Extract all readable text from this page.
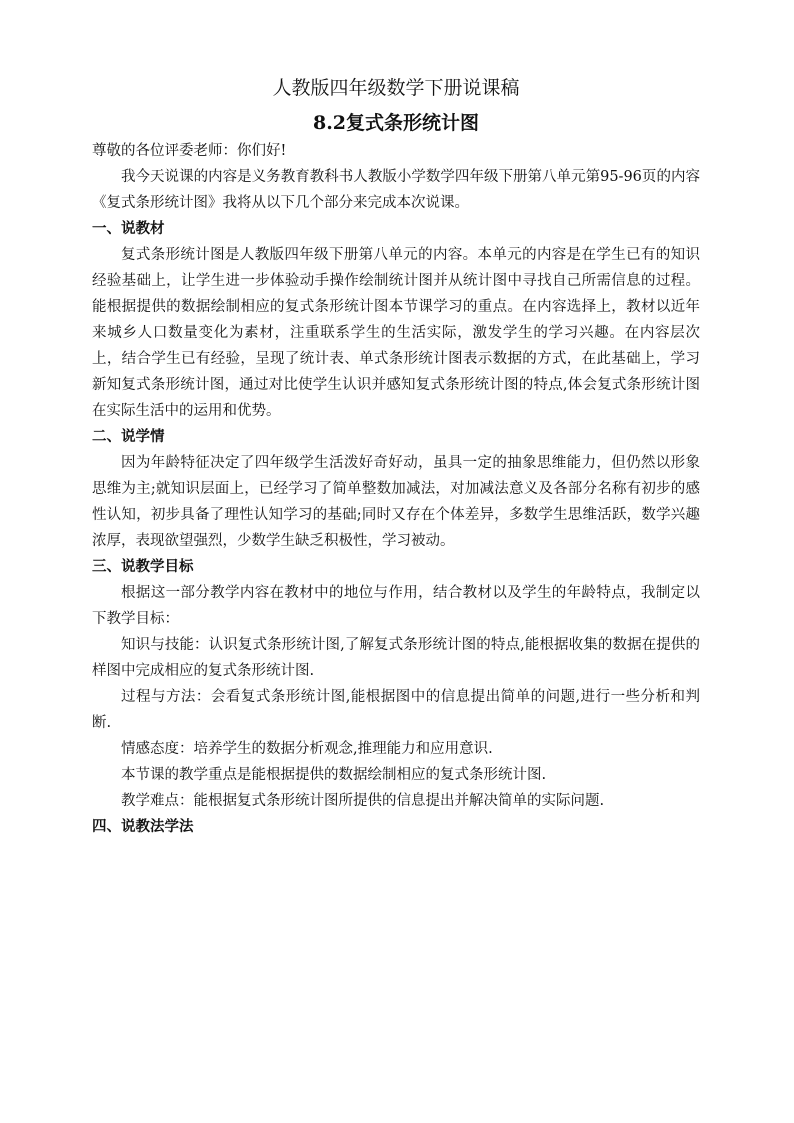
人教版四年级数学下册说课稿
8.2复式条形统计图

尊敬的各位评委老师：你们好!

我今天说课的内容是义务教育教科书人教版小学数学四年级下册第八单元第95-96页的内容《复式条形统计图》我将从以下几个部分来完成本次说课。

一、说教材

复式条形统计图是人教版四年级下册第八单元的内容。本单元的内容是在学生已有的知识经验基础上，让学生进一步体验动手操作绘制统计图并从统计图中寻找自己所需信息的过程。能根据提供的数据绘制相应的复式条形统计图本节课学习的重点。在内容选择上，教材以近年来城乡人口数量变化为素材，注重联系学生的生活实际，激发学生的学习兴趣。在内容层次上，结合学生已有经验，呈现了统计表、单式条形统计图表示数据的方式，在此基础上，学习新知复式条形统计图，通过对比使学生认识并感知复式条形统计图的特点,体会复式条形统计图在实际生活中的运用和优势。

二、说学情

因为年龄特征决定了四年级学生活泼好奇好动，虽具一定的抽象思维能力，但仍然以形象思维为主;就知识层面上，已经学习了简单整数加减法，对加减法意义及各部分名称有初步的感性认知，初步具备了理性认知学习的基础;同时又存在个体差异，多数学生思维活跃，数学兴趣浓厚，表现欲望强烈，少数学生缺乏积极性，学习被动。

三、说教学目标

根据这一部分教学内容在教材中的地位与作用，结合教材以及学生的年龄特点，我制定以下教学目标：

知识与技能：认识复式条形统计图,了解复式条形统计图的特点,能根据收集的数据在提供的样图中完成相应的复式条形统计图.

过程与方法：会看复式条形统计图,能根据图中的信息提出简单的问题,进行一些分析和判断.

情感态度：培养学生的数据分析观念,推理能力和应用意识.

本节课的教学重点是能根据提供的数据绘制相应的复式条形统计图.

教学难点：能根据复式条形统计图所提供的信息提出并解决简单的实际问题.

四、说教法学法
